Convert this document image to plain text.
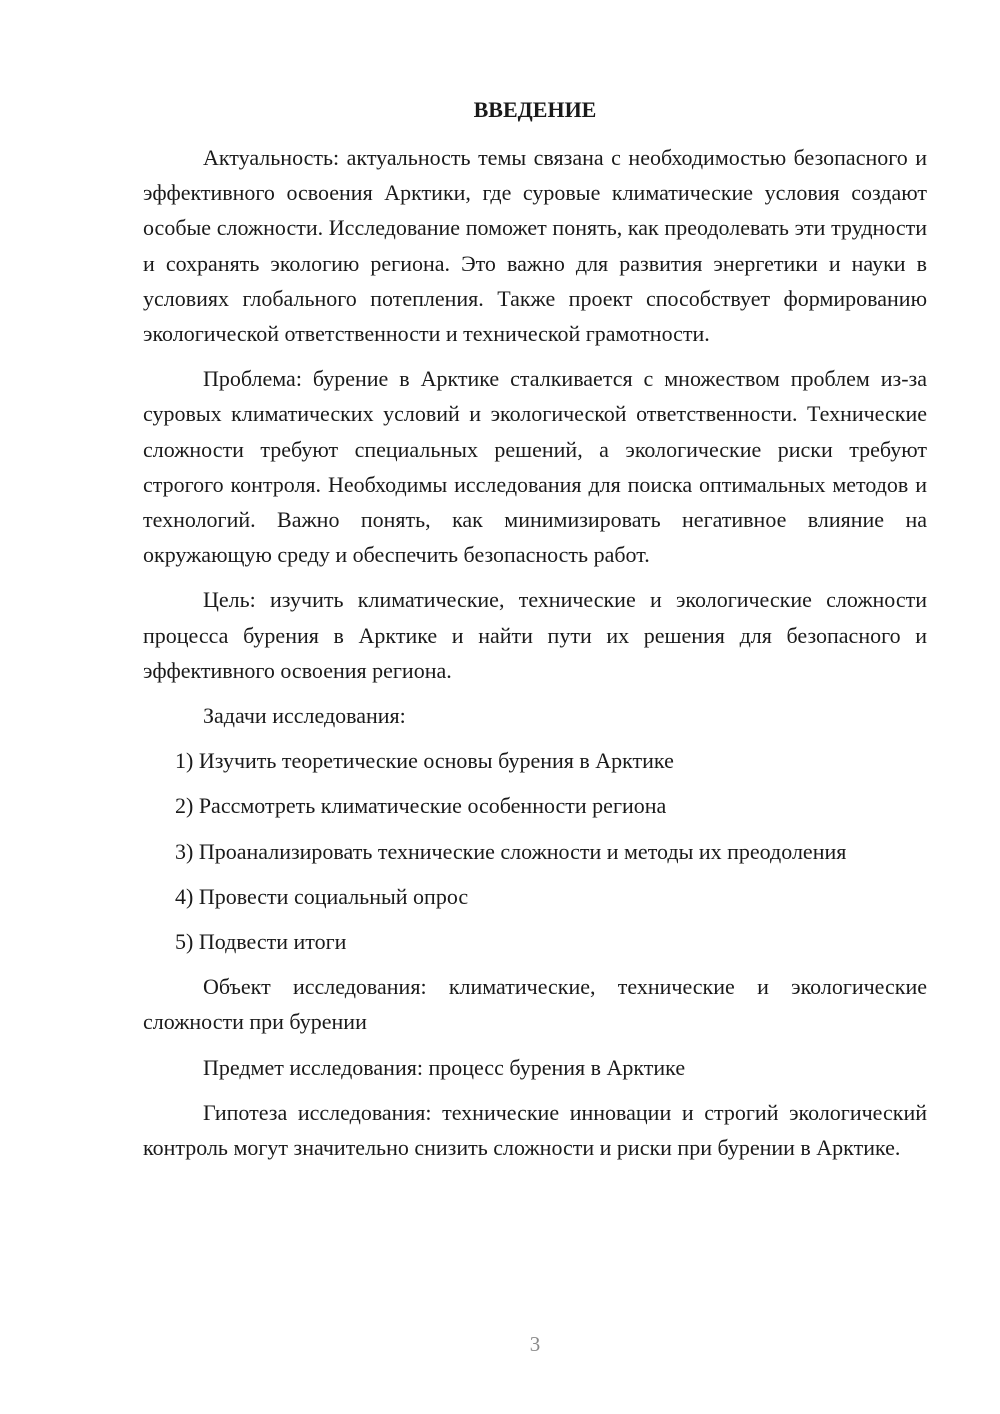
ВВЕДЕНИЕ

Актуальность: актуальность темы связана с необходимостью безопасного и эффективного освоения Арктики, где суровые климатические условия создают особые сложности. Исследование поможет понять, как преодолевать эти трудности и сохранять экологию региона. Это важно для развития энергетики и науки в условиях глобального потепления. Также проект способствует формированию экологической ответственности и технической грамотности.

Проблема: бурение в Арктике сталкивается с множеством проблем из-за суровых климатических условий и экологической ответственности. Технические сложности требуют специальных решений, а экологические риски требуют строгого контроля. Необходимы исследования для поиска оптимальных методов и технологий. Важно понять, как минимизировать негативное влияние на окружающую среду и обеспечить безопасность работ.

Цель: изучить климатические, технические и экологические сложности процесса бурения в Арктике и найти пути их решения для безопасного и эффективного освоения региона.

Задачи исследования:

1) Изучить теоретические основы бурения в Арктике

2) Рассмотреть климатические особенности региона

3) Проанализировать технические сложности и методы их преодоления

4) Провести социальный опрос

5) Подвести итоги

Объект исследования: климатические, технические и экологические сложности при бурении

Предмет исследования: процесс бурения в Арктике

Гипотеза исследования: технические инновации и строгий экологический контроль могут значительно снизить сложности и риски при бурении в Арктике.

3
